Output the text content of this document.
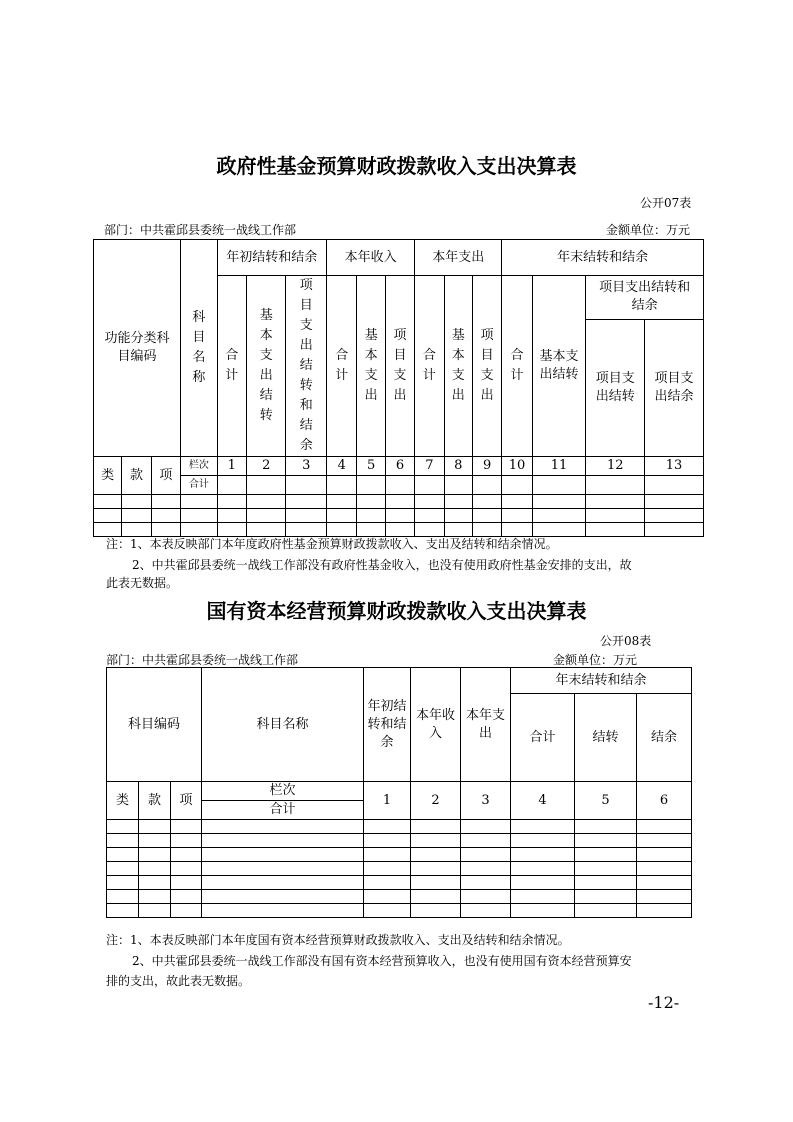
政府性基金预算财政拨款收入支出决算表
公开07表
部门：中共霍邱县委统一战线工作部	金额单位：万元
功能分类科目编码			科目名称	年初结转和结余			本年收入			本年支出			年末结转和结余			
				合计	基本支出结转	项目支出结转和结余	合计	基本支出	项目支出	合计	基本支出	项目支出	合计	基本支出结转	项目支出结转和结余	

															项目支出结转	项目支出结余

类	款	项	栏次	1	2	3	4	5	6	7	8	9	10	11	12	13
			合计													

注：1、本表反映部门本年度政府性基金预算财政拨款收入、支出及结转和结余情况。
2、中共霍邱县委统一战线工作部没有政府性基金收入，也没有使用政府性基金安排的支出，故
此表无数据。
国有资本经营预算财政拨款收入支出决算表
公开08表
部门：中共霍邱县委统一战线工作部	金额单位：万元
科目编码			科目名称	年初结转和结余	本年收入	本年支出	年末结转和结余		
							合计	结转	结余
类	款	项	栏次	1	2	3	4	5	6
			合计						

注：1、本表反映部门本年度国有资本经营预算财政拨款收入、支出及结转和结余情况。
2、中共霍邱县委统一战线工作部没有国有资本经营预算收入，也没有使用国有资本经营预算安
排的支出，故此表无数据。
-12-
